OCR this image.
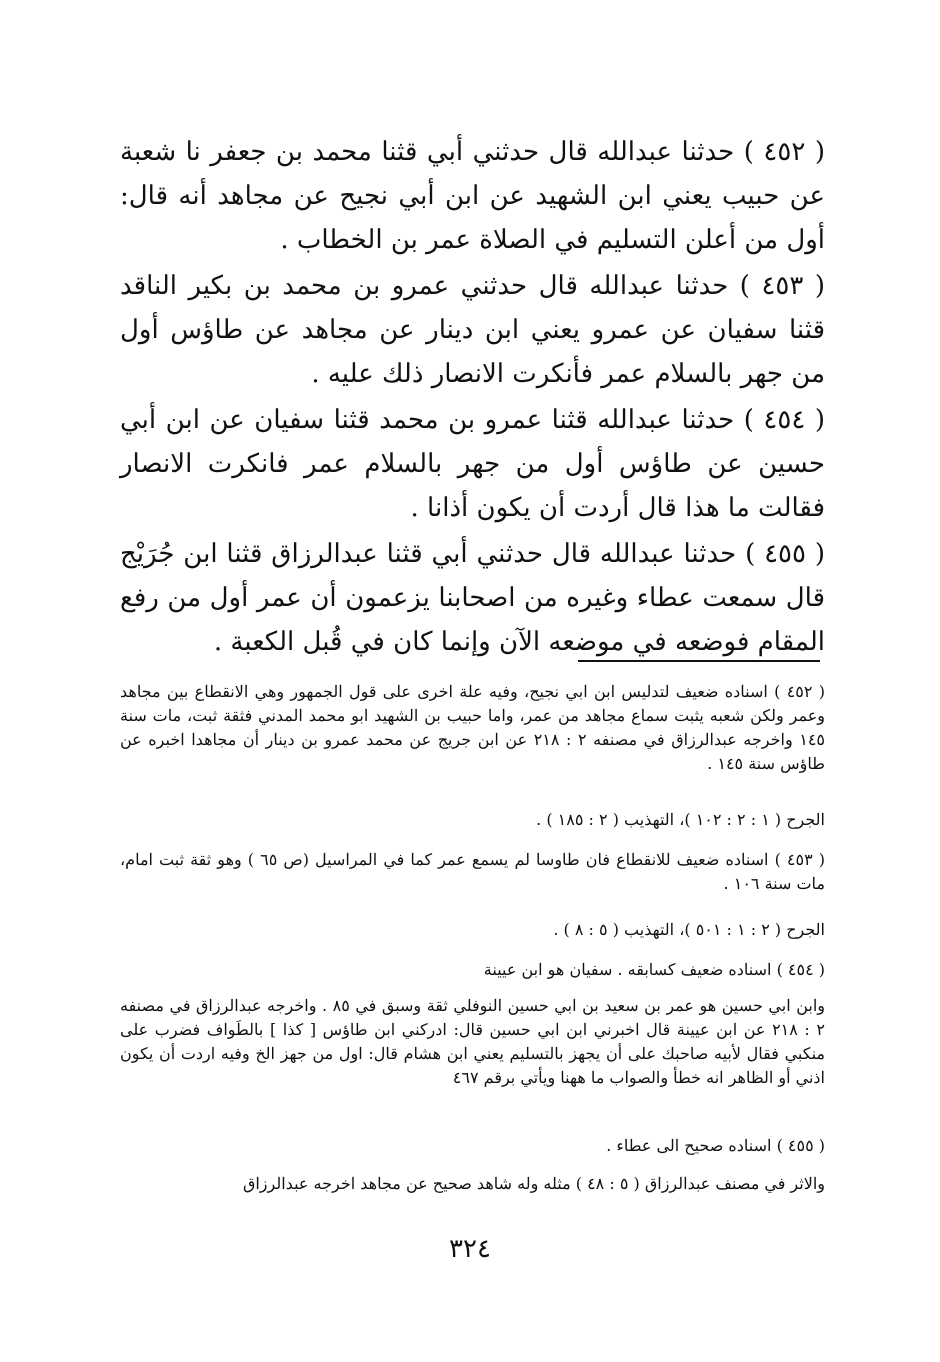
( ٤٥٢ ) حدثنا عبدالله قال حدثني أبي قثنا محمد بن جعفر نا شعبة عن حبيب يعني ابن الشهيد عن ابن أبي نجيح عن مجاهد أنه قال: أول من أعلن التسليم في الصلاة عمر بن الخطاب .

( ٤٥٣ ) حدثنا عبدالله قال حدثني عمرو بن محمد بن بكير الناقد قثنا سفيان عن عمرو يعني ابن دينار عن مجاهد عن طاؤس أول من جهر بالسلام عمر فأنكرت الانصار ذلك عليه .

( ٤٥٤ ) حدثنا عبدالله قثنا عمرو بن محمد قثنا سفيان عن ابن أبي حسين عن طاؤس أول من جهر بالسلام عمر فانكرت الانصار فقالت ما هذا قال أردت أن يكون أذانا .

( ٤٥٥ ) حدثنا عبدالله قال حدثني أبي قثنا عبدالرزاق قثنا ابن جُرَيْج قال سمعت عطاء وغيره من اصحابنا يزعمون أن عمر أول من رفع المقام فوضعه في موضعه الآن وإنما كان في قُبل الكعبة .

( ٤٥٢ ) اسناده ضعيف لتدليس ابن ابي نجيح، وفيه علة اخرى على قول الجمهور وهي الانقطاع بين مجاهد وعمر ولكن شعبه يثبت سماع مجاهد من عمر، واما حبيب بن الشهيد ابو محمد المدني فثقة ثبت، مات سنة ١٤٥ واخرجه عبدالرزاق في مصنفه ٢ : ٢١٨ عن ابن جريج عن محمد عمرو بن دينار أن مجاهدا اخبره عن طاؤس سنة ١٤٥ .

الجرح ( ١ : ٢ : ١٠٢ )، التهذيب ( ٢ : ١٨٥ ) .

( ٤٥٣ ) اسناده ضعيف للانقطاع فان طاوسا لم يسمع عمر كما في المراسيل (ص ٦٥ ) وهو ثقة ثبت امام، مات سنة ١٠٦ .

الجرح ( ٢ : ١ : ٥٠١ )، التهذيب ( ٥ : ٨ ) .

( ٤٥٤ ) اسناده ضعيف كسابقه . سفيان هو ابن عيينة

وابن ابي حسين هو عمر بن سعيد بن ابي حسين النوفلي ثقة وسبق في ٨٥ . واخرجه عبدالرزاق في مصنفه ٢ : ٢١٨ عن ابن عيينة قال اخبرني ابن ابي حسين قال: ادركني ابن طاؤس [ كذا ] بالطَواف فضرب على منكبي فقال لأبيه صاحبك على أن يجهز بالتسليم يعني ابن هشام قال: اول من جهز الخ وفيه اردت أن يكون اذني أو الظاهر انه خطأ والصواب ما ههنا ويأتي برقم ٤٦٧

( ٤٥٥ ) اسناده صحيح الى عطاء .

والاثر في مصنف عبدالرزاق ( ٥ : ٤٨ ) مثله وله شاهد صحيح عن مجاهد اخرجه عبدالرزاق

٣٢٤
